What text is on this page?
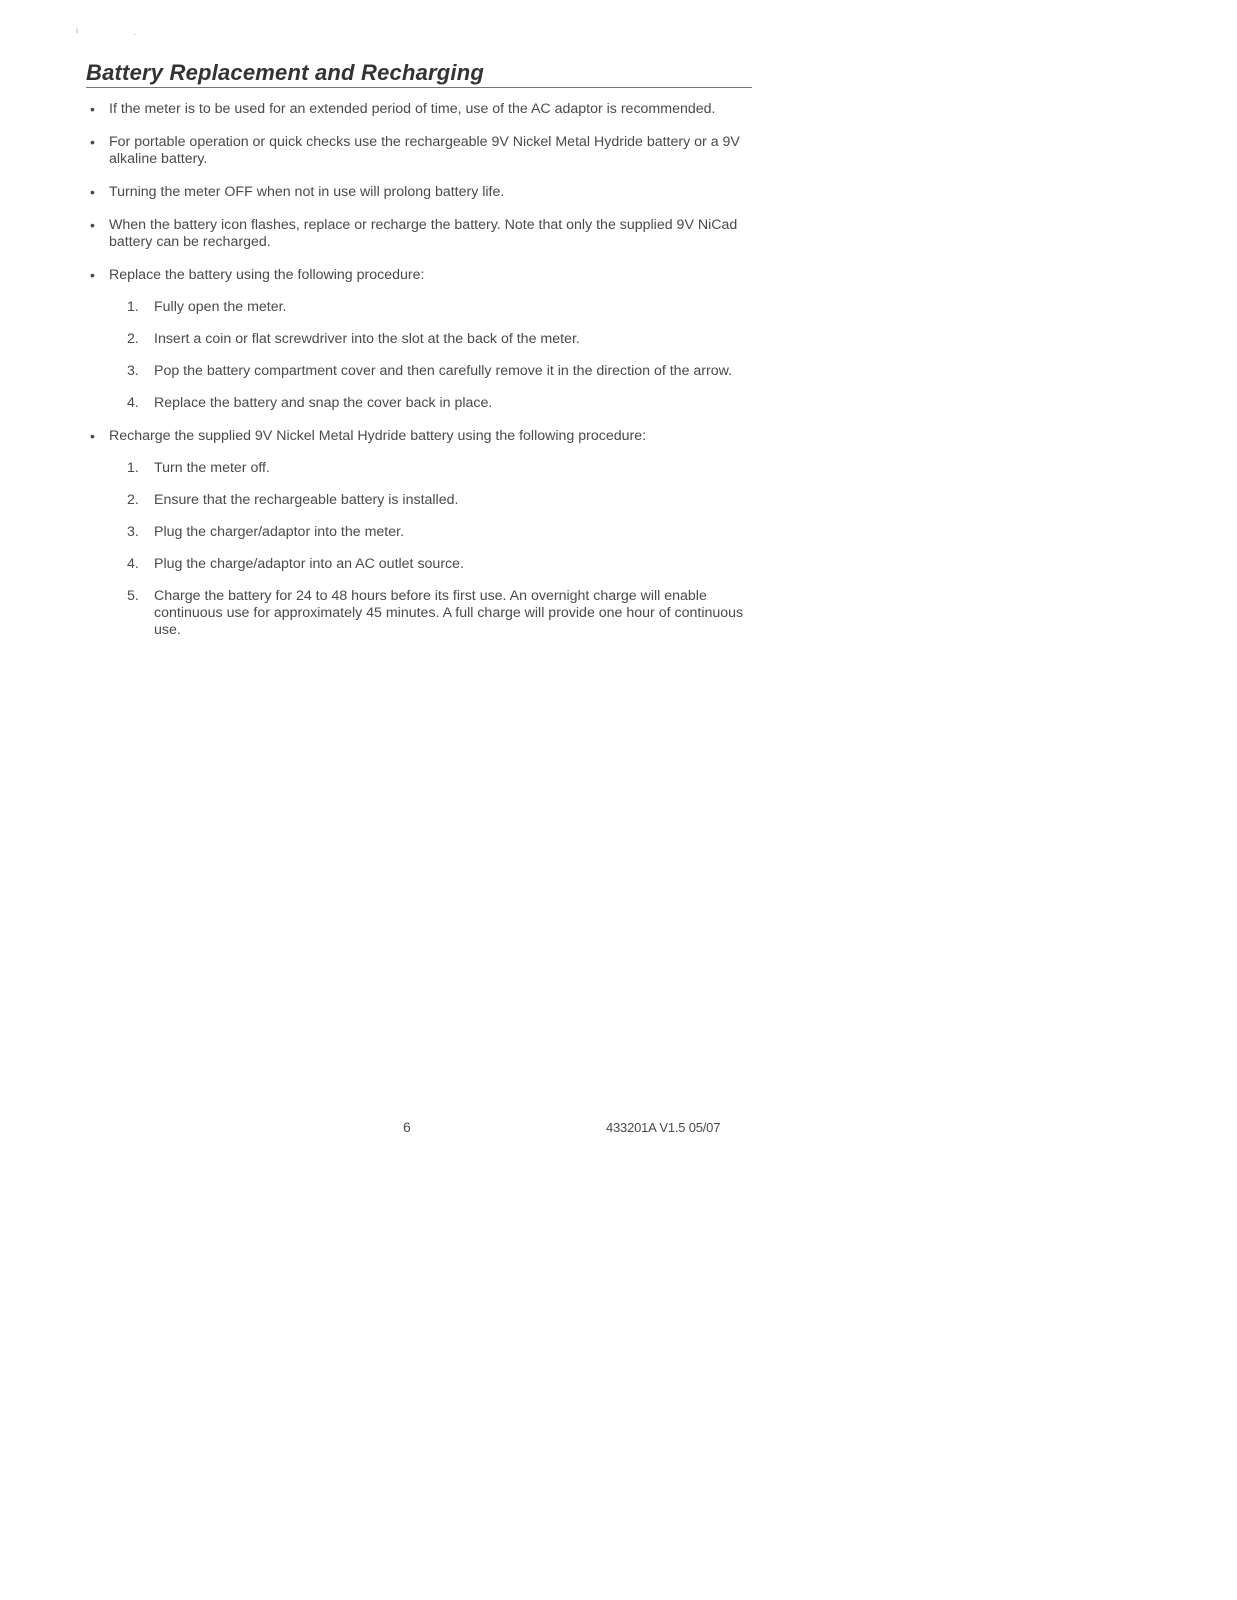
ı	.
Battery Replacement and Recharging
• If the meter is to be used for an extended period of time, use of the AC adaptor is recommended.
• For portable operation or quick checks use the rechargeable 9V Nickel Metal Hydride battery or a 9V alkaline battery.
• Turning the meter OFF when not in use will prolong battery life.
• When the battery icon flashes, replace or recharge the battery. Note that only the supplied 9V NiCad battery can be recharged.
• Replace the battery using the following procedure:
1. Fully open the meter.
2. Insert a coin or flat screwdriver into the slot at the back of the meter.
3. Pop the battery compartment cover and then carefully remove it in the direction of the arrow.
4. Replace the battery and snap the cover back in place.
• Recharge the supplied 9V Nickel Metal Hydride battery using the following procedure:
1. Turn the meter off.
2. Ensure that the rechargeable battery is installed.
3. Plug the charger/adaptor into the meter.
4. Plug the charge/adaptor into an AC outlet source.
5. Charge the battery for 24 to 48 hours before its first use. An overnight charge will enable continuous use for approximately 45 minutes. A full charge will provide one hour of continuous use.
6	433201A V1.5 05/07
